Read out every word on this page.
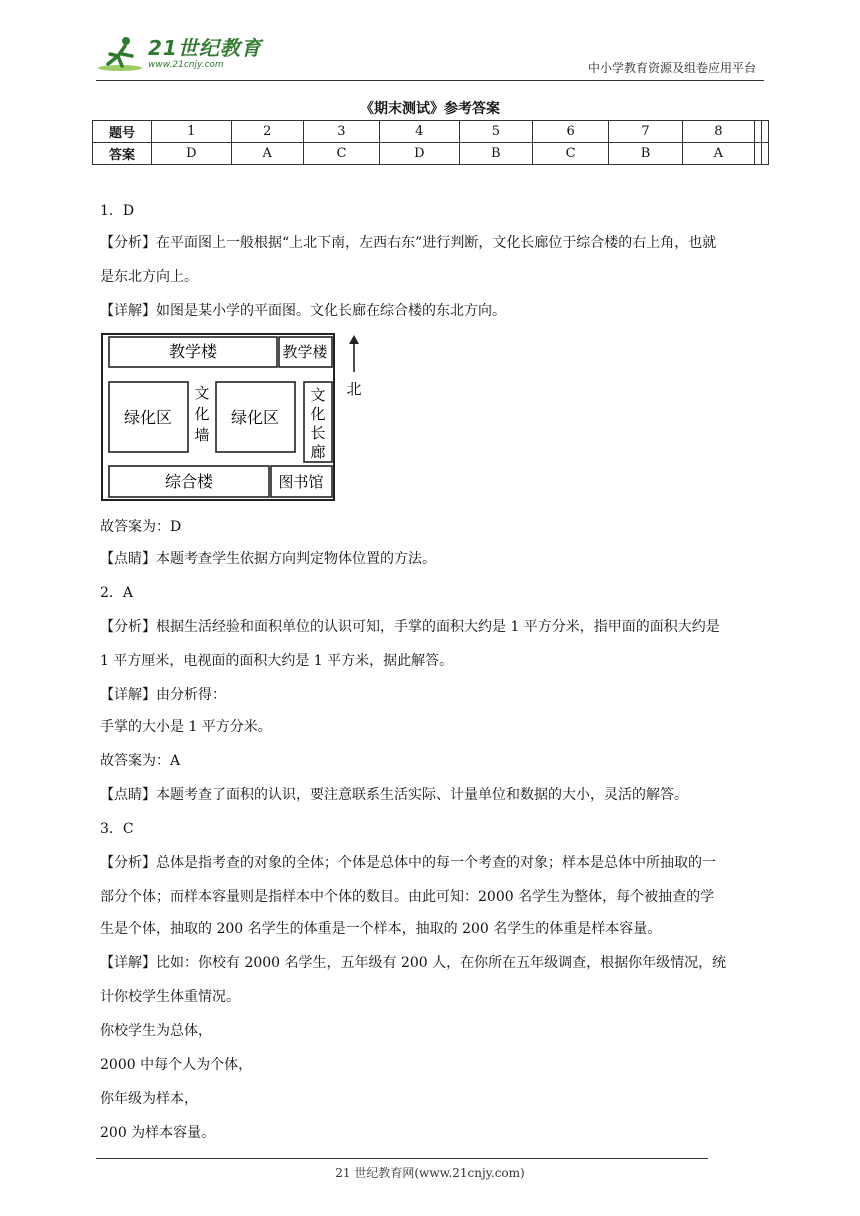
21世纪教育
www.21cnjy.com	中小学教育资源及组卷应用平台
《期末测试》参考答案
题号	1	2	3	4	5	6	7	8		
答案	D	A	C	D	B	C	B	A		
1．D
【分析】在平面图上一般根据“上北下南，左西右东”进行判断，文化长廊位于综合楼的右上角，也就
是东北方向上。
【详解】如图是某小学的平面图。文化长廊在综合楼的东北方向。
教学楼	教学楼
绿化区
文
化
墙
绿化区
文
化
长
廊
综合楼	图书馆
北
故答案为：D
【点睛】本题考查学生依据方向判定物体位置的方法。
2．A
【分析】根据生活经验和面积单位的认识可知，手掌的面积大约是 1 平方分米，指甲面的面积大约是
1 平方厘米，电视面的面积大约是 1 平方米，据此解答。
【详解】由分析得：
手掌的大小是 1 平方分米。
故答案为：A
【点睛】本题考查了面积的认识，要注意联系生活实际、计量单位和数据的大小，灵活的解答。
3．C
【分析】总体是指考查的对象的全体；个体是总体中的每一个考查的对象；样本是总体中所抽取的一
部分个体；而样本容量则是指样本中个体的数目。由此可知：2000 名学生为整体，每个被抽查的学
生是个体，抽取的 200 名学生的体重是一个样本，抽取的 200 名学生的体重是样本容量。
【详解】比如：你校有 2000 名学生，五年级有 200 人，在你所在五年级调查，根据你年级情况，统
计你校学生体重情况。
你校学生为总体，
2000 中每个人为个体，
你年级为样本，
200 为样本容量。
21 世纪教育网(www.21cnjy.com)
